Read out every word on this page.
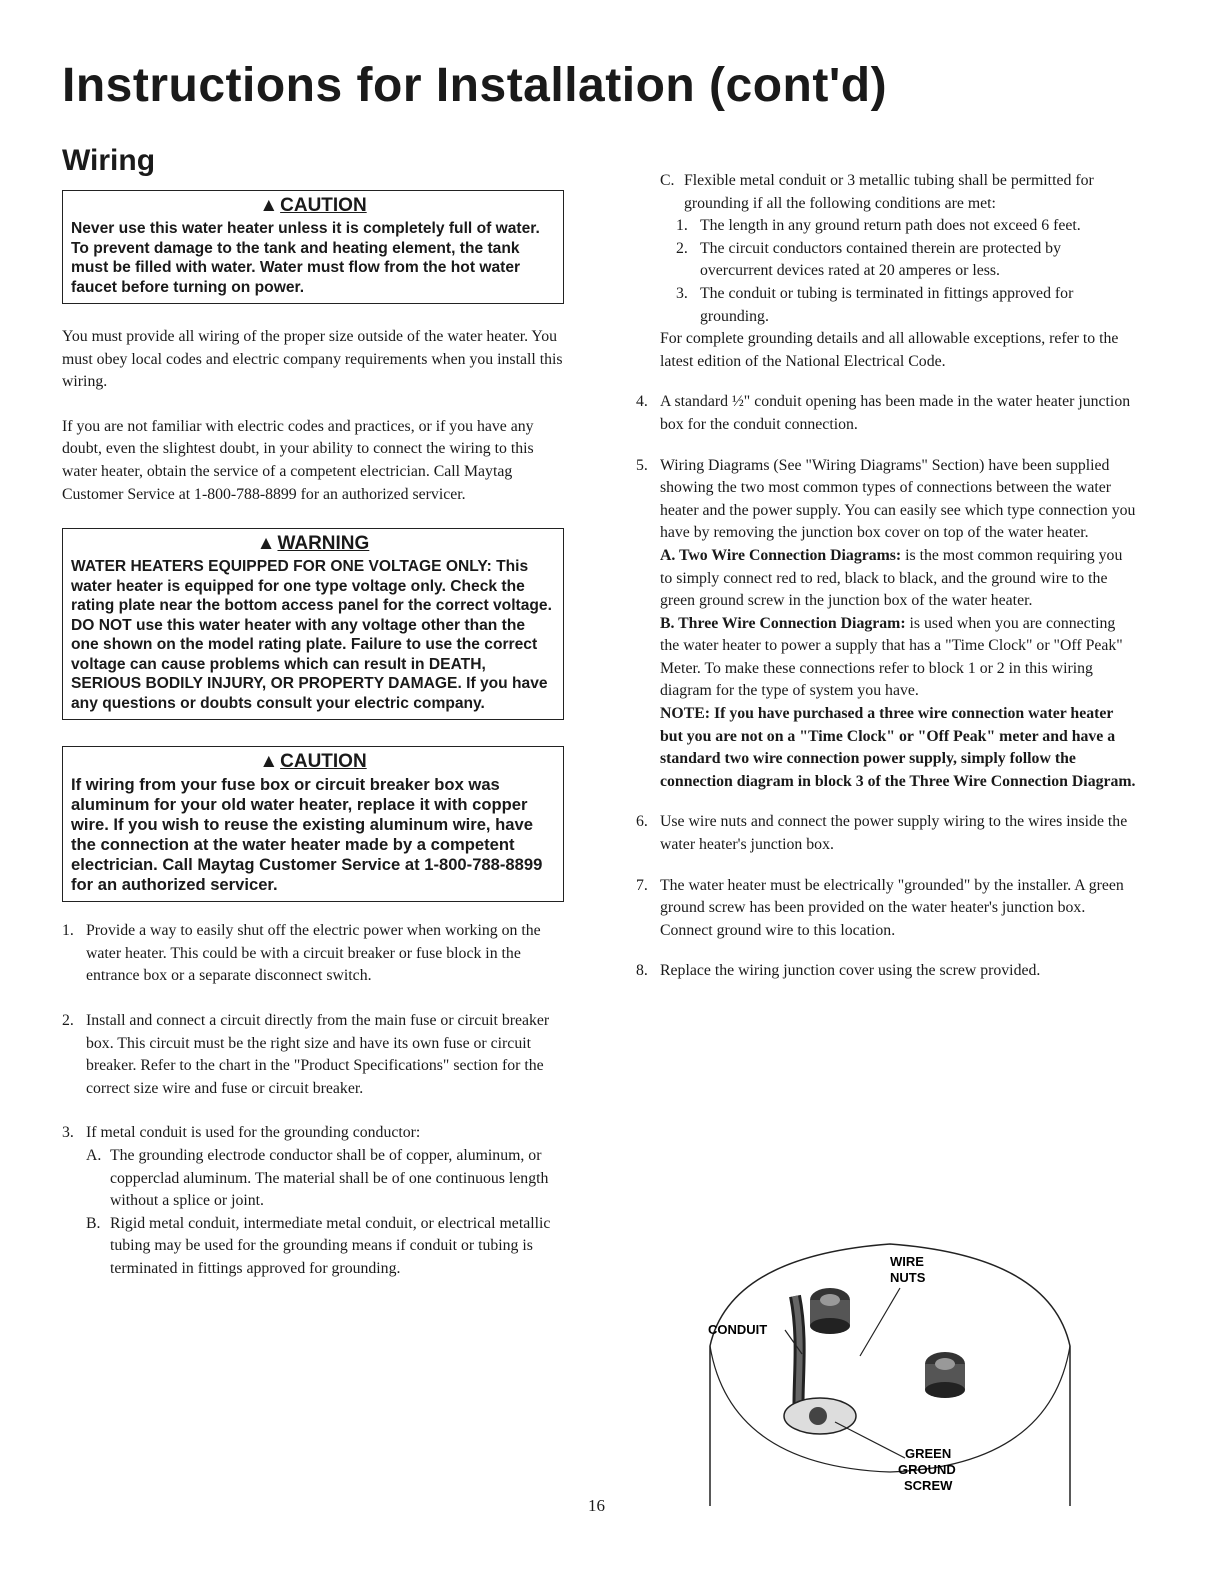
Instructions for Installation (cont'd)
Wiring
▲ CAUTION
Never use this water heater unless it is completely full of water. To prevent damage to the tank and heating element, the tank must be filled with water. Water must flow from the hot water faucet before turning on power.

You must provide all wiring of the proper size outside of the water heater. You must obey local codes and electric company requirements when you install this wiring.

If you are not familiar with electric codes and practices, or if you have any doubt, even the slightest doubt, in your ability to connect the wiring to this water heater, obtain the service of a competent electrician. Call Maytag Customer Service at 1-800-788-8899 for an authorized servicer.

▲ WARNING
WATER HEATERS EQUIPPED FOR ONE VOLTAGE ONLY: This water heater is equipped for one type voltage only. Check the rating plate near the bottom access panel for the correct voltage. DO NOT use this water heater with any voltage other than the one shown on the model rating plate. Failure to use the correct voltage can cause problems which can result in DEATH, SERIOUS BODILY INJURY, OR PROPERTY DAMAGE. If you have any questions or doubts consult your electric company.
▲ CAUTION
If wiring from your fuse box or circuit breaker box was aluminum for your old water heater, replace it with copper wire. If you wish to reuse the existing aluminum wire, have the connection at the water heater made by a competent electrician. Call Maytag Customer Service at 1-800-788-8899 for an authorized servicer.
1. Provide a way to easily shut off the electric power when working on the water heater. This could be with a circuit breaker or fuse block in the entrance box or a separate disconnect switch.
2. Install and connect a circuit directly from the main fuse or circuit breaker box. This circuit must be the right size and have its own fuse or circuit breaker. Refer to the chart in the "Product Specifications" section for the correct size wire and fuse or circuit breaker.
3. If metal conduit is used for the grounding conductor:
A. The grounding electrode conductor shall be of copper, aluminum, or copperclad aluminum. The material shall be of one continuous length without a splice or joint.
B. Rigid metal conduit, intermediate metal conduit, or electrical metallic tubing may be used for the grounding means if conduit or tubing is terminated in fittings approved for grounding.
C. Flexible metal conduit or 3 metallic tubing shall be permitted for grounding if all the following conditions are met:
1. The length in any ground return path does not exceed 6 feet.
2. The circuit conductors contained therein are protected by overcurrent devices rated at 20 amperes or less.
3. The conduit or tubing is terminated in fittings approved for grounding.
For complete grounding details and all allowable exceptions, refer to the latest edition of the National Electrical Code.
4. A standard ½" conduit opening has been made in the water heater junction box for the conduit connection.
5. Wiring Diagrams (See "Wiring Diagrams" Section) have been supplied showing the two most common types of connections between the water heater and the power supply. You can easily see which type connection you have by removing the junction box cover on top of the water heater.
A. Two Wire Connection Diagrams: is the most common requiring you to simply connect red to red, black to black, and the ground wire to the green ground screw in the junction box of the water heater.
B. Three Wire Connection Diagram: is used when you are connecting the water heater to power a supply that has a "Time Clock" or "Off Peak" Meter. To make these connections refer to block 1 or 2 in this wiring diagram for the type of system you have.
NOTE: If you have purchased a three wire connection water heater but you are not on a "Time Clock" or "Off Peak" meter and have a standard two wire connection power supply, simply follow the connection diagram in block 3 of the Three Wire Connection Diagram.
6. Use wire nuts and connect the power supply wiring to the wires inside the water heater's junction box.
7. The water heater must be electrically "grounded" by the installer. A green ground screw has been provided on the water heater's junction box. Connect ground wire to this location.
8. Replace the wiring junction cover using the screw provided.
WIRE
NUTS
CONDUIT
GREEN
GROUND
SCREW
16
